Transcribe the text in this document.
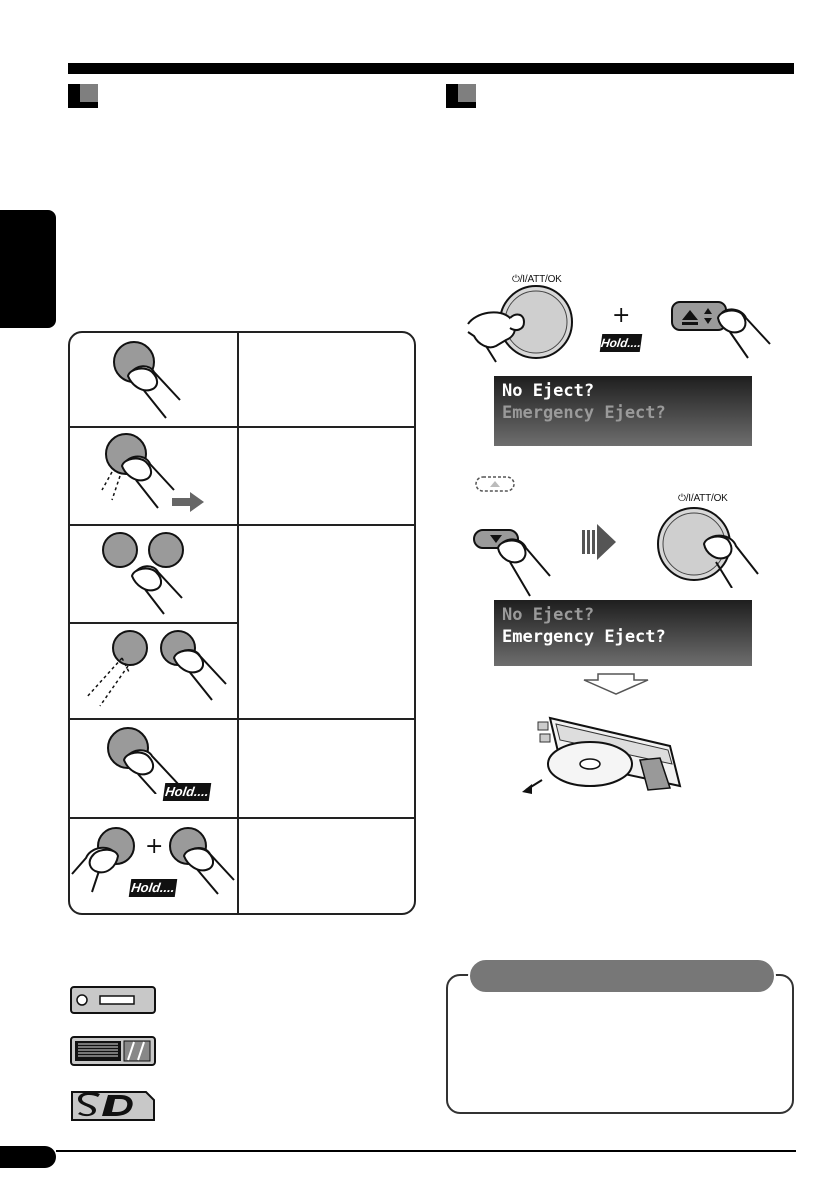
Hold....
+
Hold....
⏻/I/ATT/OK
+
Hold....
No Eject?
Emergency Eject?
⏻/I/ATT/OK
No Eject?
Emergency Eject?
